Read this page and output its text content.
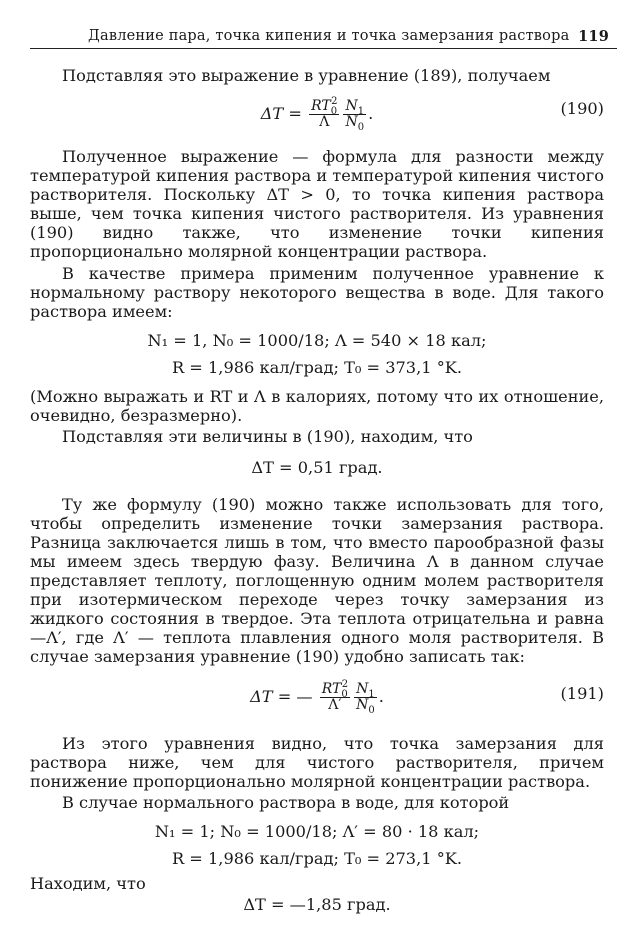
Давление пара, точка кипения и точка замерзания раствора 119

Подставляя это выражение в уравнение (189), получаем

$\Delta T = \frac{RT_0^2}{\Lambda} \frac{N_1}{N_0}$ .	(190)

Полученное выражение — формула для разности между температурой кипения раствора и температурой кипения чистого растворителя. Поскольку ΔT > 0, то точка кипения раствора выше, чем точка кипения чистого растворителя. Из уравнения (190) видно также, что изменение точки кипения пропорционально молярной концентрации раствора.

В качестве примера применим полученное уравнение к нормальному раствору некоторого вещества в воде. Для такого раствора имеем:

N₁ = 1, N₀ = 1000/18; Λ = 540 × 18 кал;
R = 1,986 кал/град; T₀ = 373,1 °K.

(Можно выражать и RT и Λ в калориях, потому что их отношение, очевидно, безразмерно).

Подставляя эти величины в (190), находим, что

ΔT = 0,51 град.

Ту же формулу (190) можно также использовать для того, чтобы определить изменение точки замерзания раствора. Разница заключается лишь в том, что вместо парообразной фазы мы имеем здесь твердую фазу. Величина Λ в данном случае представляет теплоту, поглощенную одним молем растворителя при изотермическом переходе через точку замерзания из жидкого состояния в твердое. Эта теплота отрицательна и равна —Λ′, где Λ′ — теплота плавления одного моля растворителя. В случае замерзания уравнение (190) удобно записать так:

ΔT = — $\frac{RT_0^2}{\Lambda'} \frac{N_1}{N_0}$ .	(191)

Из этого уравнения видно, что точка замерзания для раствора ниже, чем для чистого растворителя, причем понижение пропорционально молярной концентрации раствора.

В случае нормального раствора в воде, для которой

N₁ = 1; N₀ = 1000/18; Λ′ = 80 · 18 кал;
R = 1,986 кал/град; T₀ = 273,1 °K.

Находим, что

ΔT = —1,85 град.
